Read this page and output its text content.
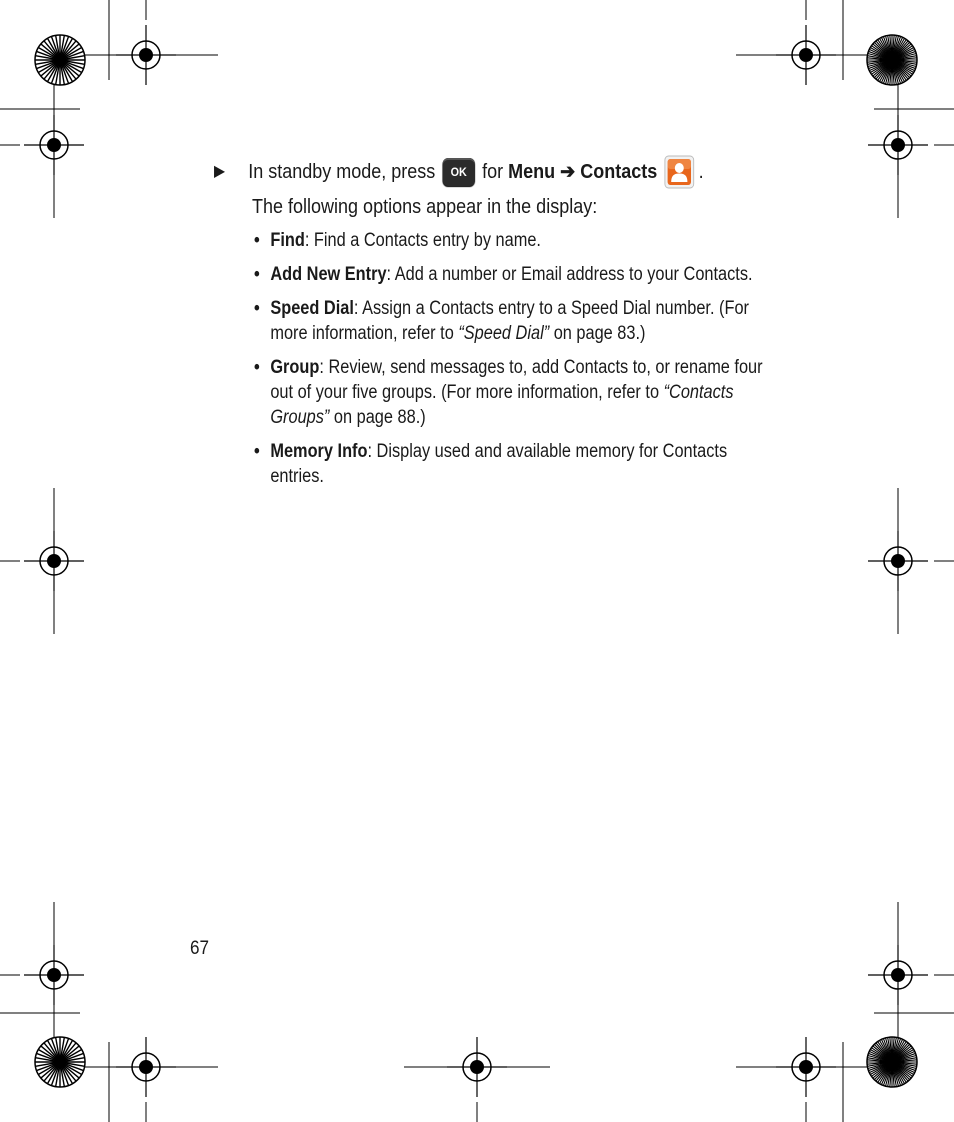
▶	In standby mode, press	OK for
Menu
➔
Contacts .
The following options appear in the display:
• Find: Find a Contacts entry by name.
• Add New Entry: Add a number or Email address to your Contacts.
• Speed Dial: Assign a Contacts entry to a Speed Dial number. (For more information, refer to “Speed Dial” on page 83.)
• Group: Review, send messages to, add Contacts to, or rename four out of your five groups. (For more information, refer to “Contacts Groups” on page 88.)
• Memory Info: Display used and available memory for Contacts entries.
67
